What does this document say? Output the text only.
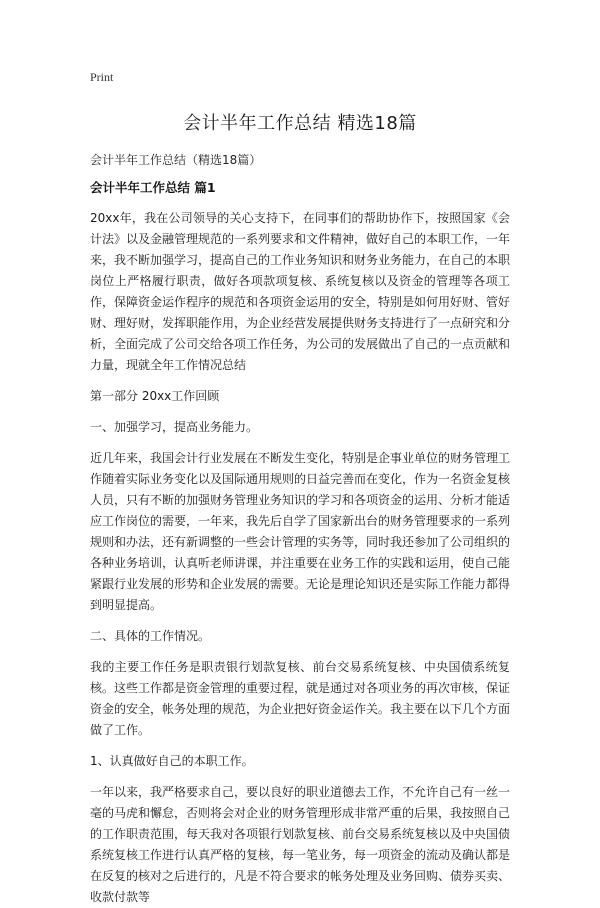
Print
会计半年工作总结 精选18篇
会计半年工作总结（精选18篇）
会计半年工作总结 篇1

20xx年，我在公司领导的关心支持下，在同事们的帮助协作下，按照国家《会计法》以及金融管理规范的一系列要求和文件精神，做好自己的本职工作，一年来，我不断加强学习，提高自己的工作业务知识和财务业务能力，在自己的本职岗位上严格履行职责，做好各项款项复核、系统复核以及资金的管理等各项工作，保障资金运作程序的规范和各项资金运用的安全，特别是如何用好财、管好财、理好财，发挥职能作用，为企业经营发展提供财务支持进行了一点研究和分析，全面完成了公司交给各项工作任务，为公司的发展做出了自己的一点贡献和力量，现就全年工作情况总结

第一部分 20xx工作回顾

一、加强学习，提高业务能力。

近几年来，我国会计行业发展在不断发生变化，特别是企事业单位的财务管理工作随着实际业务变化以及国际通用规则的日益完善而在变化，作为一名资金复核人员，只有不断的加强财务管理业务知识的学习和各项资金的运用、分析才能适应工作岗位的需要，一年来，我先后自学了国家新出台的财务管理要求的一系列规则和办法，还有新调整的一些会计管理的实务等，同时我还参加了公司组织的各种业务培训，认真听老师讲课，并注重要在业务工作的实践和运用，使自己能紧跟行业发展的形势和企业发展的需要。无论是理论知识还是实际工作能力都得到明显提高。

二、具体的工作情况。

我的主要工作任务是职责银行划款复核、前台交易系统复核、中央国债系统复核。这些工作都是资金管理的重要过程，就是通过对各项业务的再次审核，保证资金的安全，帐务处理的规范，为企业把好资金运作关。我主要在以下几个方面做了工作。

1、认真做好自己的本职工作。

一年以来，我严格要求自己，要以良好的职业道德去工作，不允许自己有一丝一毫的马虎和懈怠，否则将会对企业的财务管理形成非常严重的后果，我按照自己的工作职责范围，每天我对各项银行划款复核、前台交易系统复核以及中央国债系统复核工作进行认真严格的复核，每一笔业务，每一项资金的流动及确认都是在反复的核对之后进行的，凡是不符合要求的帐务处理及业务回购、债券买卖、收款付款等
